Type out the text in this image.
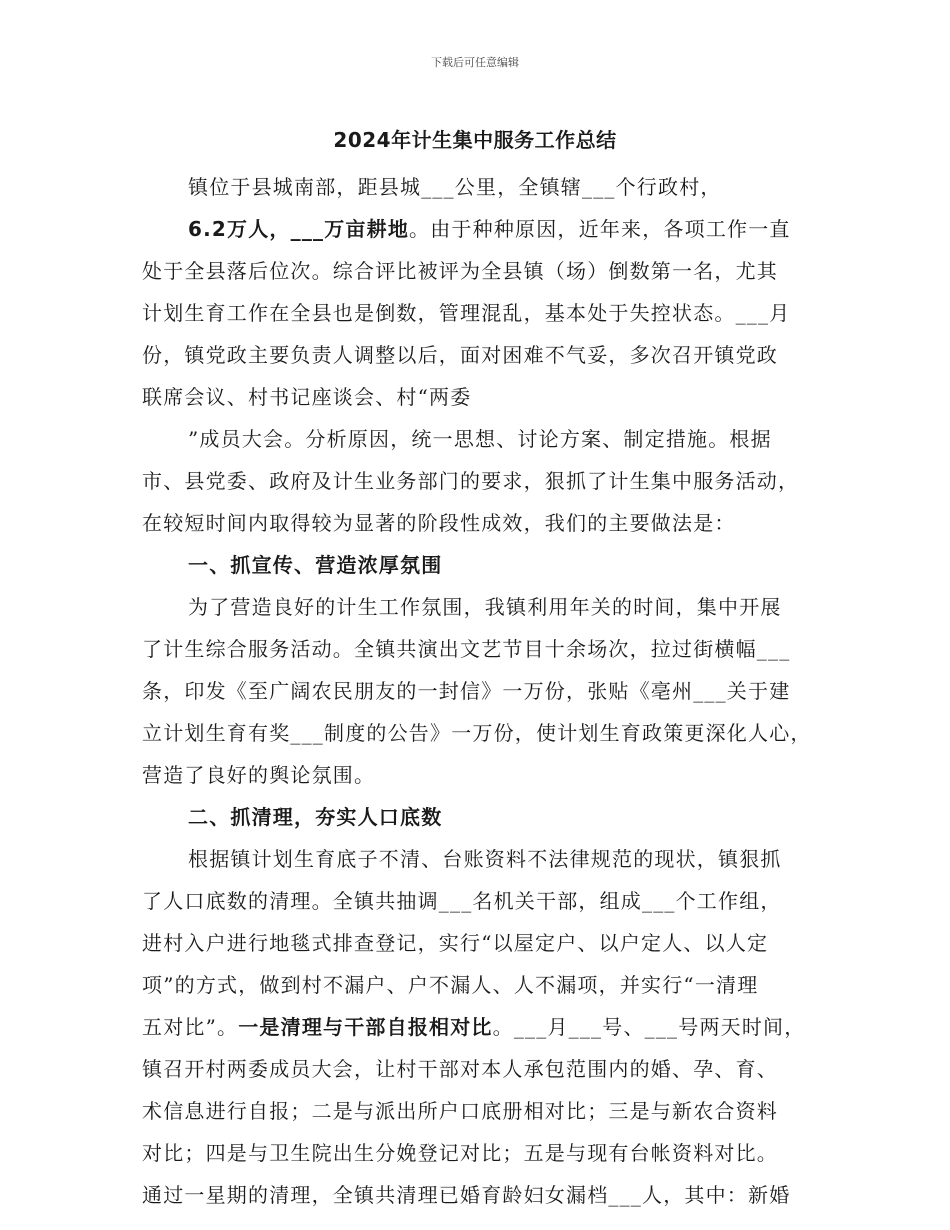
下载后可任意编辑
2024年计生集中服务工作总结
镇位于县城南部，距县城___公里，全镇辖___个行政村，
6.2万人，___万亩耕地。由于种种原因，近年来，各项工作一直
处于全县落后位次。综合评比被评为全县镇（场）倒数第一名，尤其
计划生育工作在全县也是倒数，管理混乱，基本处于失控状态。___月
份，镇党政主要负责人调整以后，面对困难不气妥，多次召开镇党政
联席会议、村书记座谈会、村“两委
”成员大会。分析原因，统一思想、讨论方案、制定措施。根据
市、县党委、政府及计生业务部门的要求，狠抓了计生集中服务活动，
在较短时间内取得较为显著的阶段性成效，我们的主要做法是：
一、抓宣传、营造浓厚氛围
为了营造良好的计生工作氛围，我镇利用年关的时间，集中开展
了计生综合服务活动。全镇共演出文艺节目十余场次，拉过街横幅___
条，印发《至广阔农民朋友的一封信》一万份，张贴《亳州___关于建
立计划生育有奖___制度的公告》一万份，使计划生育政策更深化人心，
营造了良好的舆论氛围。
二、抓清理，夯实人口底数
根据镇计划生育底子不清、台账资料不法律规范的现状，镇狠抓
了人口底数的清理。全镇共抽调___名机关干部，组成___个工作组，
进村入户进行地毯式排查登记，实行“以屋定户、以户定人、以人定
项”的方式，做到村不漏户、户不漏人、人不漏项，并实行“一清理
五对比”。一是清理与干部自报相对比。___月___号、___号两天时间，
镇召开村两委成员大会，让村干部对本人承包范围内的婚、孕、育、
术信息进行自报；二是与派出所户口底册相对比；三是与新农合资料
对比；四是与卫生院出生分娩登记对比；五是与现有台帐资料对比。
通过一星期的清理，全镇共清理已婚育龄妇女漏档___人，其中：新婚
